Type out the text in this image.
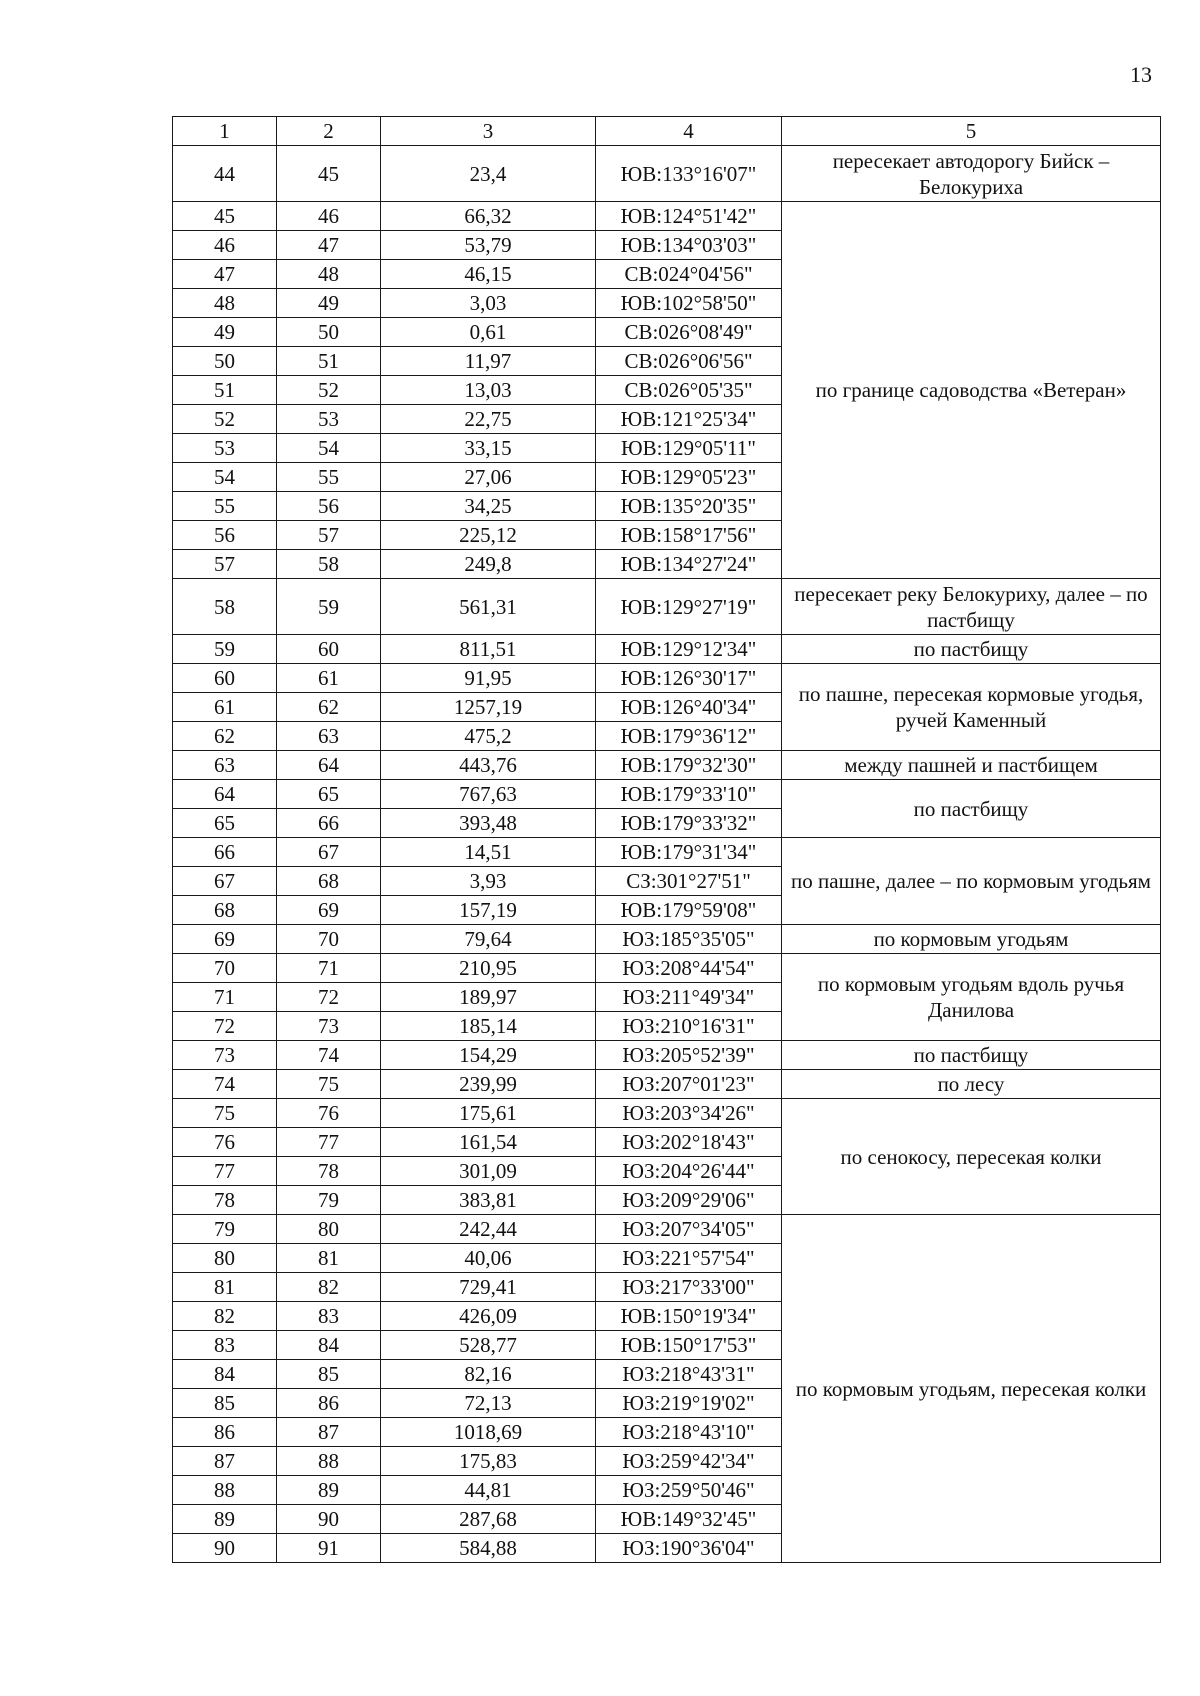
13
1	2	3	4	5
44	45	23,4	ЮВ:133°16'07"	пересекает автодорогу Бийск – Белокуриха
45	46	66,32	ЮВ:124°51'42"	по границе садоводства «Ветеран»
46	47	53,79	ЮВ:134°03'03"	
47	48	46,15	СВ:024°04'56"	
48	49	3,03	ЮВ:102°58'50"	
49	50	0,61	СВ:026°08'49"	
50	51	11,97	СВ:026°06'56"	
51	52	13,03	СВ:026°05'35"	
52	53	22,75	ЮВ:121°25'34"	
53	54	33,15	ЮВ:129°05'11"	
54	55	27,06	ЮВ:129°05'23"	
55	56	34,25	ЮВ:135°20'35"	
56	57	225,12	ЮВ:158°17'56"	
57	58	249,8	ЮВ:134°27'24"	
58	59	561,31	ЮВ:129°27'19"	пересекает реку Белокуриху, далее – по пастбищу
59	60	811,51	ЮВ:129°12'34"	по пастбищу
60	61	91,95	ЮВ:126°30'17"	по пашне, пересекая кормовые угодья, ручей Каменный
61	62	1257,19	ЮВ:126°40'34"	
62	63	475,2	ЮВ:179°36'12"	
63	64	443,76	ЮВ:179°32'30"	между пашней и пастбищем
64	65	767,63	ЮВ:179°33'10"	по пастбищу
65	66	393,48	ЮВ:179°33'32"	
66	67	14,51	ЮВ:179°31'34"	по пашне, далее – по кормовым угодьям
67	68	3,93	СЗ:301°27'51"	
68	69	157,19	ЮВ:179°59'08"	
69	70	79,64	ЮЗ:185°35'05"	по кормовым угодьям
70	71	210,95	ЮЗ:208°44'54"	по кормовым угодьям вдоль ручья Данилова
71	72	189,97	ЮЗ:211°49'34"	
72	73	185,14	ЮЗ:210°16'31"	
73	74	154,29	ЮЗ:205°52'39"	по пастбищу
74	75	239,99	ЮЗ:207°01'23"	по лесу
75	76	175,61	ЮЗ:203°34'26"	по сенокосу, пересекая колки
76	77	161,54	ЮЗ:202°18'43"	
77	78	301,09	ЮЗ:204°26'44"	
78	79	383,81	ЮЗ:209°29'06"	
79	80	242,44	ЮЗ:207°34'05"	по кормовым угодьям, пересекая колки
80	81	40,06	ЮЗ:221°57'54"	
81	82	729,41	ЮЗ:217°33'00"	
82	83	426,09	ЮВ:150°19'34"	
83	84	528,77	ЮВ:150°17'53"	
84	85	82,16	ЮЗ:218°43'31"	
85	86	72,13	ЮЗ:219°19'02"	
86	87	1018,69	ЮЗ:218°43'10"	
87	88	175,83	ЮЗ:259°42'34"	
88	89	44,81	ЮЗ:259°50'46"	
89	90	287,68	ЮВ:149°32'45"	
90	91	584,88	ЮЗ:190°36'04"	
